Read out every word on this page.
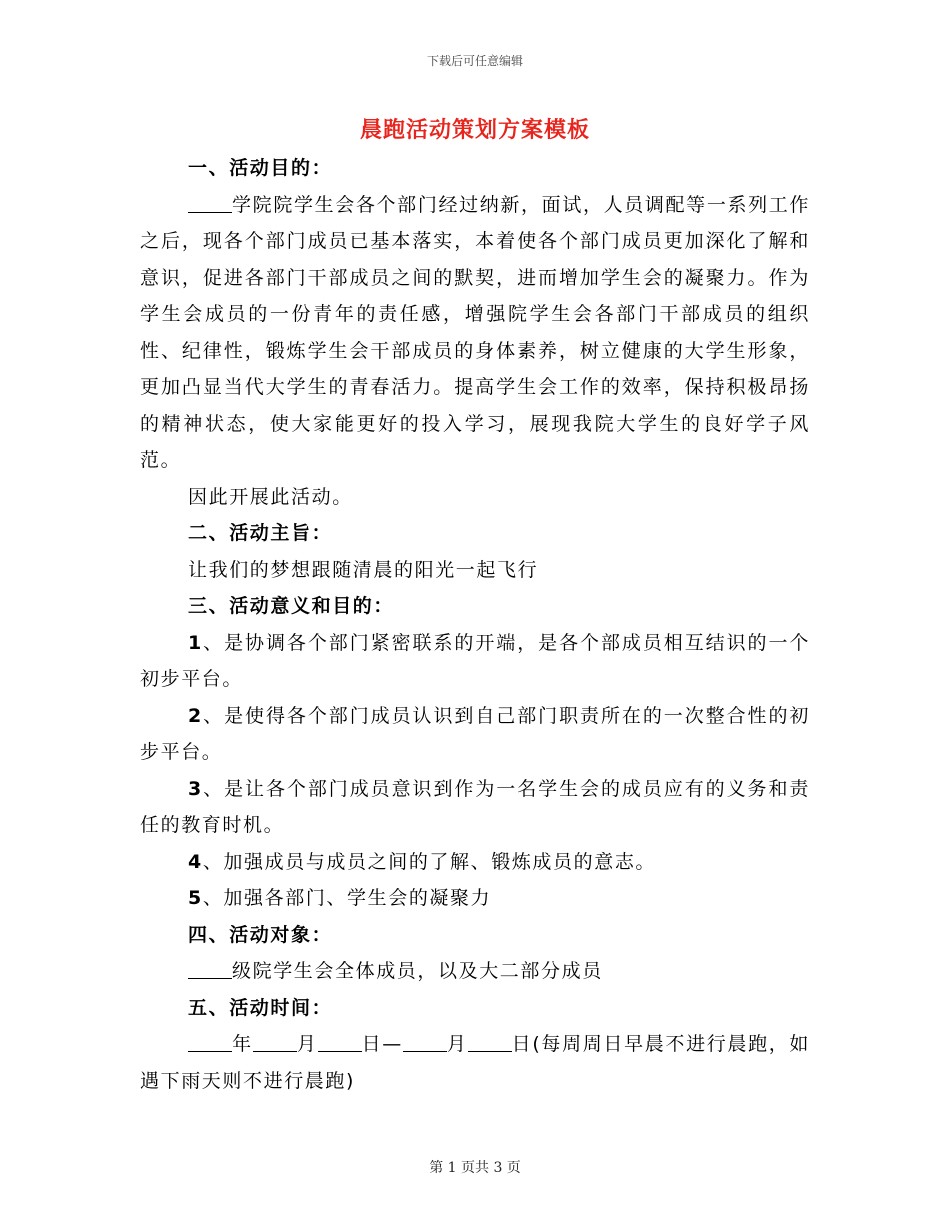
下载后可任意编辑
晨跑活动策划方案模板

一、活动目的：

学院院学生会各个部门经过纳新，面试，人员调配等一系列工作之后，现各个部门成员已基本落实，本着使各个部门成员更加深化了解和意识，促进各部门干部成员之间的默契，进而增加学生会的凝聚力。作为学生会成员的一份青年的责任感，增强院学生会各部门干部成员的组织性、纪律性，锻炼学生会干部成员的身体素养，树立健康的大学生形象，更加凸显当代大学生的青春活力。提高学生会工作的效率，保持积极昂扬的精神状态，使大家能更好的投入学习，展现我院大学生的良好学子风范。

因此开展此活动。

二、活动主旨：

让我们的梦想跟随清晨的阳光一起飞行

三、活动意义和目的：

1、是协调各个部门紧密联系的开端，是各个部成员相互结识的一个初步平台。

2、是使得各个部门成员认识到自己部门职责所在的一次整合性的初步平台。

3、是让各个部门成员意识到作为一名学生会的成员应有的义务和责任的教育时机。

4、加强成员与成员之间的了解、锻炼成员的意志。

5、加强各部门、学生会的凝聚力

四、活动对象：

级院学生会全体成员，以及大二部分成员

五、活动时间：

年 月 日— 月 日(每周周日早晨不进行晨跑，如遇下雨天则不进行晨跑)

第 1 页共 3 页
